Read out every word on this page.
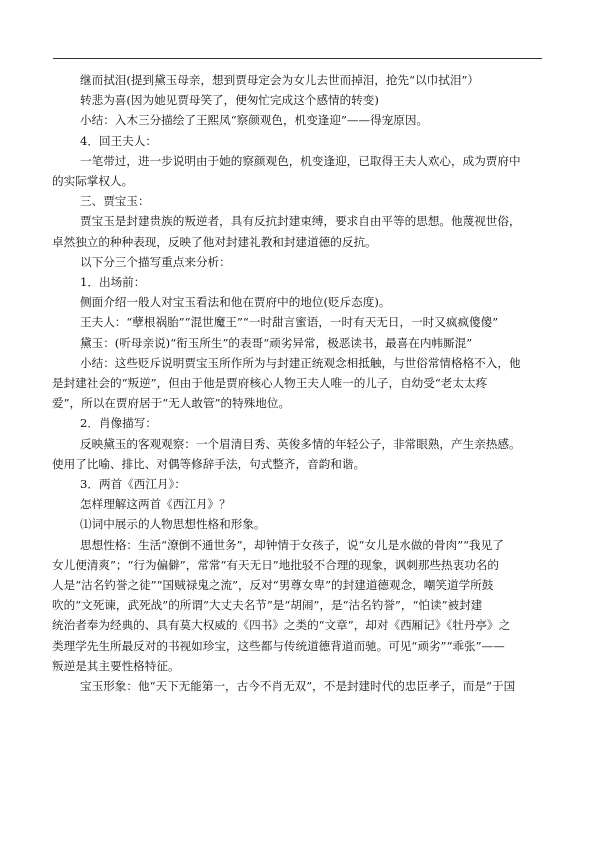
继而拭泪(提到黛玉母亲，想到贾母定会为女儿去世而掉泪，抢先“以巾拭泪”）

转悲为喜(因为她见贾母笑了，便匆忙完成这个感情的转变)

小结：入木三分描绘了王熙凤“察颜观色，机变逢迎”——得宠原因。

4．回王夫人：

一笔带过，进一步说明由于她的察颜观色，机变逢迎，已取得王夫人欢心，成为贾府中

的实际掌权人。

三、贾宝玉：

贾宝玉是封建贵族的叛逆者，具有反抗封建束缚，要求自由平等的思想。他蔑视世俗，

卓然独立的种种表现，反映了他对封建礼教和封建道德的反抗。

以下分三个描写重点来分析：

1．出场前：

侧面介绍一般人对宝玉看法和他在贾府中的地位(贬斥态度)。

王夫人：“孽根祸胎”“混世魔王”“一时甜言蜜语，一时有天无日，一时又疯疯傻傻”

黛玉：(听母亲说)“衔玉所生”的表哥“顽劣异常，极恶读书，最喜在内帏厮混”

小结：这些贬斥说明贾宝玉所作所为与封建正统观念相抵触，与世俗常情格格不入，他

是封建社会的“叛逆”，但由于他是贾府核心人物王夫人唯一的儿子，自幼受“老太太疼

爱”，所以在贾府居于“无人敢管”的特殊地位。

2．肖像描写：

反映黛玉的客观观察：一个眉清目秀、英俊多情的年轻公子，非常眼熟，产生亲热感。

使用了比喻、排比、对偶等修辞手法，句式整齐，音韵和谐。

3．两首《西江月》：

怎样理解这两首《西江月》？

⑴词中展示的人物思想性格和形象。

思想性格：生活“潦倒不通世务”，却钟情于女孩子，说“女儿是水做的骨肉”“我见了

女儿便清爽”；“行为偏僻”，常常“有天无日”地批驳不合理的现象，讽刺那些热衷功名的

人是“沽名钓誉之徒”“国贼禄鬼之流”，反对“男尊女卑”的封建道德观念，嘲笑道学所鼓

吹的“文死谏，武死战”的所谓“大丈夫名节”是“胡闹”，是“沽名钓誉”，“怕读”被封建

统治者奉为经典的、具有莫大权威的《四书》之类的“文章”，却对《西厢记》《牡丹亭》之

类理学先生所最反对的书视如珍宝，这些都与传统道德背道而驰。可见“顽劣”“乖张”——

叛逆是其主要性格特征。

宝玉形象：他“天下无能第一，古今不肖无双”，不是封建时代的忠臣孝子，而是“于国
